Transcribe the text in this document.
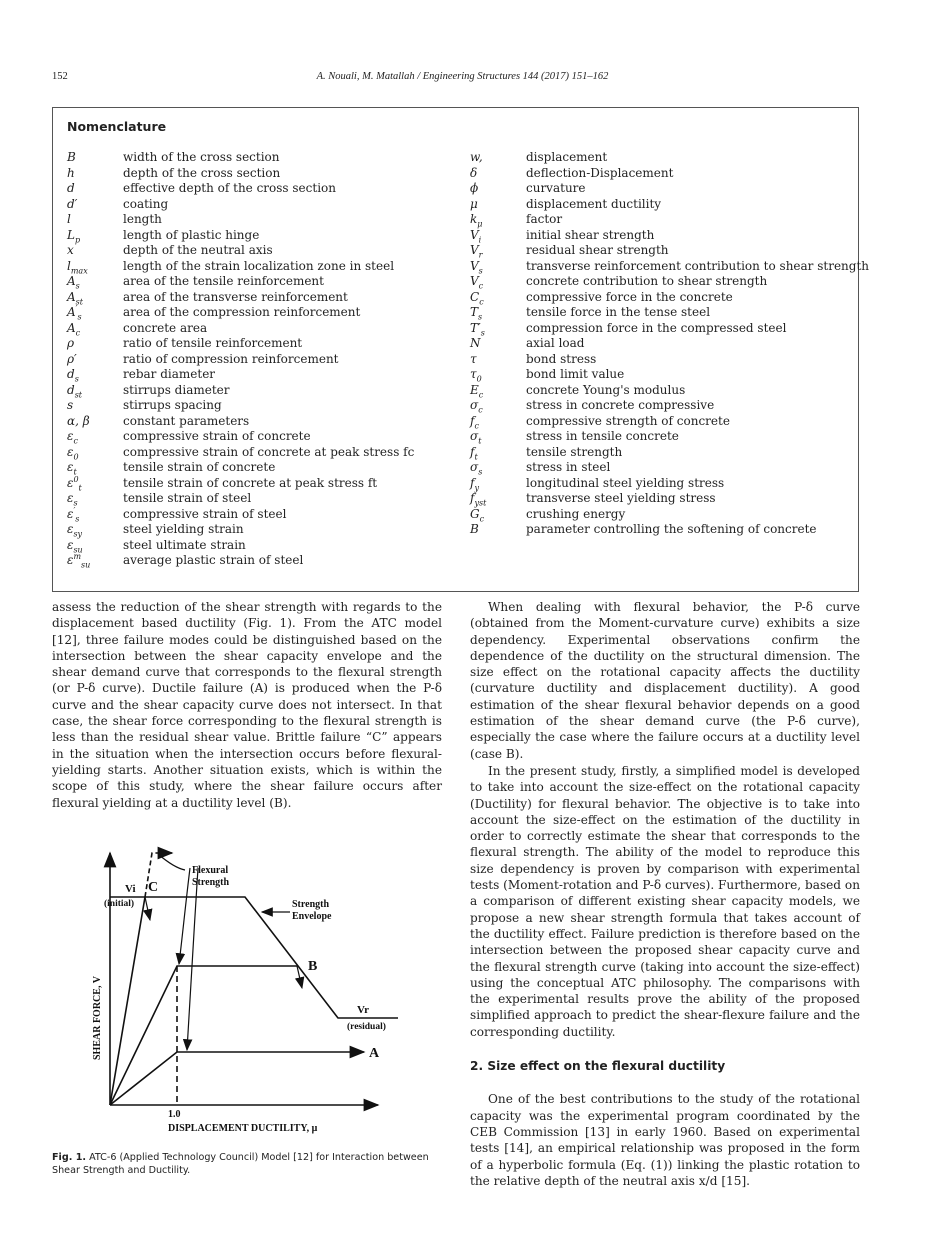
152	A. Nouali, M. Matallah / Engineering Structures 144 (2017) 151–162
Nomenclature
B	width of the cross section
h	depth of the cross section
d	effective depth of the cross section
d′	coating
l	length
$L_p$	length of plastic hinge
x	depth of the neutral axis
$l_{max}$	length of the strain localization zone in steel
$A_s$	area of the tensile reinforcement
$A_{st}$	area of the transverse reinforcement
$A'_s$	area of the compression reinforcement
$A_c$	concrete area
ρ	ratio of tensile reinforcement
ρ′	ratio of compression reinforcement
$d_s$	rebar diameter
$d_{st}$	stirrups diameter
s	stirrups spacing
α, β	constant parameters
$\varepsilon_c$	compressive strain of concrete
$\varepsilon_0$	compressive strain of concrete at peak stress fc
$\varepsilon_t$	tensile strain of concrete
$\varepsilon^0_t$	tensile strain of concrete at peak stress ft
$\varepsilon_s$	tensile strain of steel
$\varepsilon'_s$	compressive strain of steel
$\varepsilon_{sy}$	steel yielding strain
$\varepsilon_{su}$	steel ultimate strain
$\varepsilon^m_{su}$	average plastic strain of steel
w,	displacement
δ	deflection-Displacement
ϕ	curvature
μ	displacement ductility
$k_\mu$	factor
$V_i$	initial shear strength
$V_r$	residual shear strength
$V_s$	transverse reinforcement contribution to shear strength
$V_c$	concrete contribution to shear strength
$C_c$	compressive force in the concrete
$T_s$	tensile force in the tense steel
$T'_s$	compression force in the compressed steel
N	axial load
τ	bond stress
$\tau_0$	bond limit value
$E_c$	concrete Young's modulus
$\sigma_c$	stress in concrete compressive
$f_c$	compressive strength of concrete
$\sigma_t$	stress in tensile concrete
$f_t$	tensile strength
$\sigma_s$	stress in steel
$f_y$	longitudinal steel yielding stress
$f_{yst}$	transverse steel yielding stress
$G_c$	crushing energy
B	parameter controlling the softening of concrete

assess the reduction of the shear strength with regards to the displacement based ductility (Fig. 1). From the ATC model [12], three failure modes could be distinguished based on the intersection between the shear capacity envelope and the shear demand curve that corresponds to the flexural strength (or P-δ curve). Ductile failure (A) is produced when the P-δ curve and the shear capacity curve does not intersect. In that case, the shear force corresponding to the flexural strength is less than the residual shear value. Brittle failure “C” appears in the situation when the intersection occurs before flexural-yielding starts. Another situation exists, which is within the scope of this study, where the shear failure occurs after flexural yielding at a ductility level (B).

SHEAR FORCE, V
1.0
DISPLACEMENT DUCTILITY, μ
Vi
(initial)
C
Flexural
Strength
Strength
Envelope
B
Vr
(residual)
A
Fig. 1. ATC-6 (Applied Technology Council) Model [12] for Interaction between Shear Strength and Ductility.

When dealing with flexural behavior, the P-δ curve (obtained from the Moment-curvature curve) exhibits a size dependency. Experimental observations confirm the dependence of the ductility on the structural dimension. The size effect on the rotational capacity affects the ductility (curvature ductility and displacement ductility). A good estimation of the shear flexural behavior depends on a good estimation of the shear demand curve (the P-δ curve), especially the case where the failure occurs at a ductility level (case B).

In the present study, firstly, a simplified model is developed to take into account the size-effect on the rotational capacity (Ductility) for flexural behavior. The objective is to take into account the size-effect on the estimation of the ductility in order to correctly estimate the shear that corresponds to the flexural strength. The ability of the model to reproduce this size dependency is proven by comparison with experimental tests (Moment-rotation and P-δ curves). Furthermore, based on a comparison of different existing shear capacity models, we propose a new shear strength formula that takes account of the ductility effect. Failure prediction is therefore based on the intersection between the proposed shear capacity curve and the flexural strength curve (taking into account the size-effect) using the conceptual ATC philosophy. The comparisons with the experimental results prove the ability of the proposed simplified approach to predict the shear-flexure failure and the corresponding ductility.

2. Size effect on the flexural ductility

One of the best contributions to the study of the rotational capacity was the experimental program coordinated by the CEB Commission [13] in early 1960. Based on experimental tests [14], an empirical relationship was proposed in the form of a hyperbolic formula (Eq. (1)) linking the plastic rotation to the relative depth of the neutral axis x/d [15].
